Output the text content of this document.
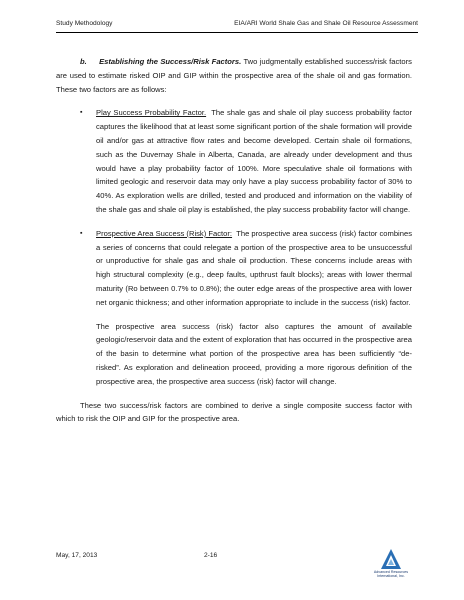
Study Methodology	EIA/ARI World Shale Gas and Shale Oil Resource Assessment

b. Establishing the Success/Risk Factors. Two judgmentally established success/risk factors are used to estimate risked OIP and GIP within the prospective area of the shale oil and gas formation. These two factors are as follows:

▪ Play Success Probability Factor. The shale gas and shale oil play success probability factor captures the likelihood that at least some significant portion of the shale formation will provide oil and/or gas at attractive flow rates and become developed. Certain shale oil formations, such as the Duvernay Shale in Alberta, Canada, are already under development and thus would have a play probability factor of 100%. More speculative shale oil formations with limited geologic and reservoir data may only have a play success probability factor of 30% to 40%. As exploration wells are drilled, tested and produced and information on the viability of the shale gas and shale oil play is established, the play success probability factor will change.
▪ Prospective Area Success (Risk) Factor: The prospective area success (risk) factor combines a series of concerns that could relegate a portion of the prospective area to be unsuccessful or unproductive for shale gas and shale oil production. These concerns include areas with high structural complexity (e.g., deep faults, upthrust fault blocks); areas with lower thermal maturity (Ro between 0.7% to 0.8%); the outer edge areas of the prospective area with lower net organic thickness; and other information appropriate to include in the success (risk) factor.
The prospective area success (risk) factor also captures the amount of available geologic/reservoir data and the extent of exploration that has occurred in the prospective area of the basin to determine what portion of the prospective area has been sufficiently “de-risked”. As exploration and delineation proceed, providing a more rigorous definition of the prospective area, the prospective area success (risk) factor will change.

These two success/risk factors are combined to derive a single composite success factor with which to risk the OIP and GIP for the prospective area.

May, 17, 2013	2-16
Advanced Resources
International, Inc.
